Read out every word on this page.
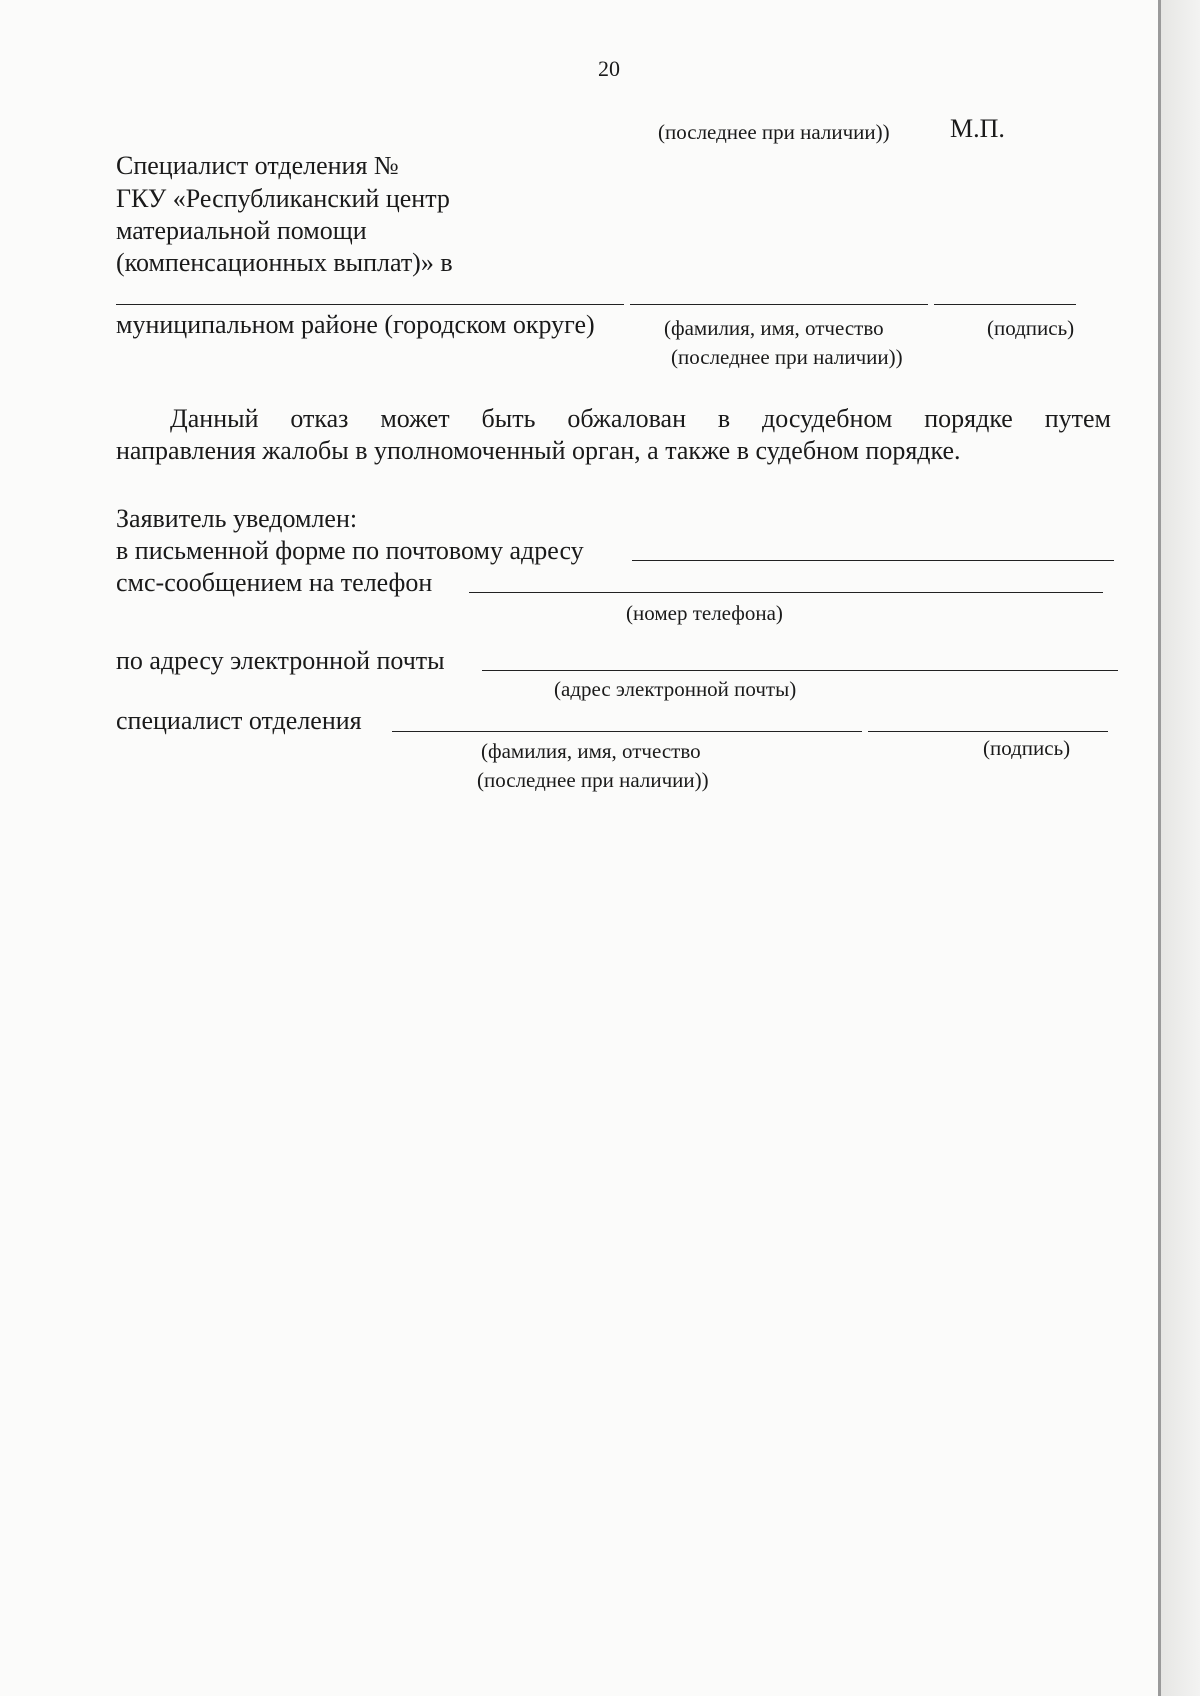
20
(последнее при наличии)) М.П.
Специалист отделения №
ГКУ «Республиканский центр
материальной помощи
(компенсационных выплат)» в
муниципальном районе (городском округе)	(фамилия, имя, отчество
(последнее при наличии))
(подпись)
Данный отказ может быть обжалован в досудебном порядке путем
направления жалобы в уполномоченный орган, а также в судебном порядке.
Заявитель уведомлен:
в письменной форме по почтовому адресу
смс-сообщением на телефон
(номер телефона)
по адресу электронной почты
(адрес электронной почты)
специалист отделения
(фамилия, имя, отчество
(последнее при наличии))
(подпись)
